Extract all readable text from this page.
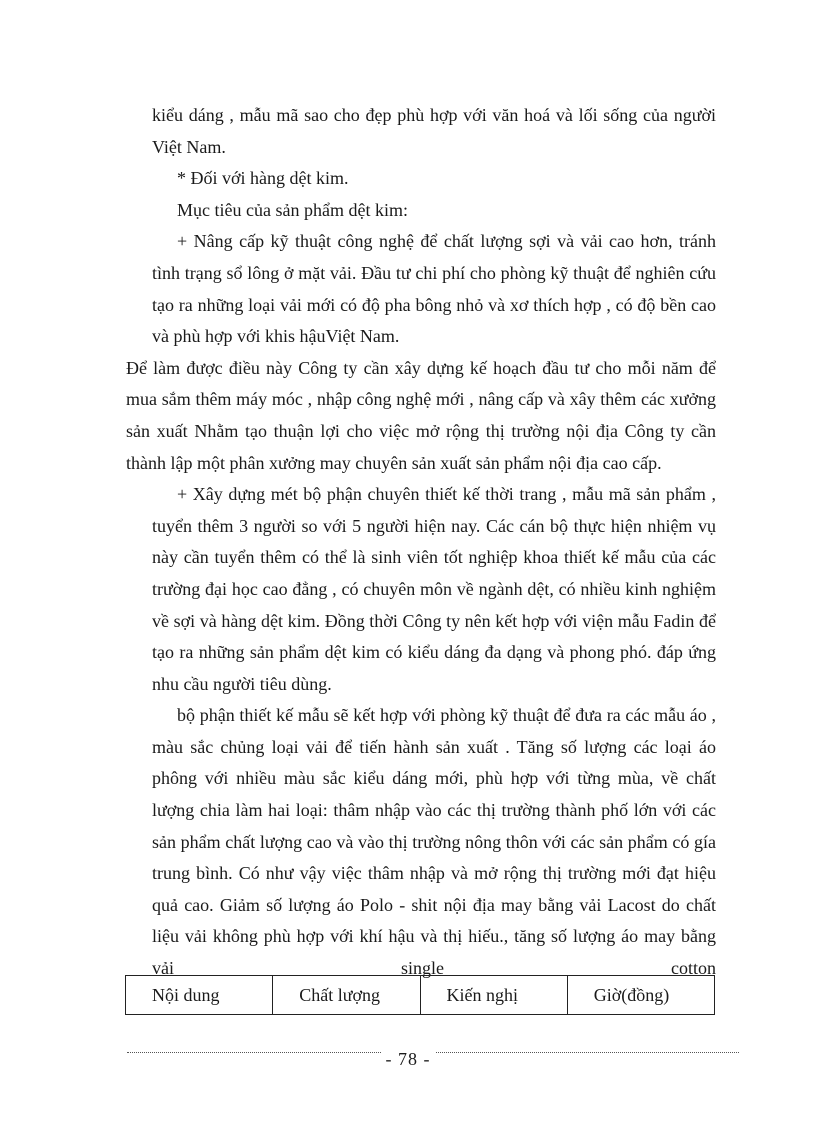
kiểu dáng , mẫu mã sao cho đẹp phù hợp với văn hoá và lối sống của người Việt Nam.

* Đối với hàng dệt kim.

Mục tiêu của sản phẩm dệt kim:

+ Nâng cấp kỹ thuật công nghệ để chất lượng sợi và vải cao hơn, tránh tình trạng sổ lông ở mặt vải. Đầu tư chi phí cho phòng kỹ thuật để nghiên cứu tạo ra những loại vải mới có độ pha bông nhỏ và xơ thích hợp , có độ bền cao và phù hợp với khis hậuViệt Nam.

Để làm được điều này Công ty cần xây dựng kế hoạch đầu tư cho mỗi năm để mua sắm thêm máy móc , nhập công nghệ mới , nâng cấp và xây thêm các xưởng sản xuất Nhằm tạo thuận lợi cho việc mở rộng thị trường nội địa Công ty cần thành lập một phân xưởng may chuyên sản xuất sản phẩm nội địa cao cấp.

+ Xây dựng mét bộ phận chuyên thiết kế thời trang , mẫu mã sản phẩm , tuyển thêm 3 người so với 5 người hiện nay. Các cán bộ thực hiện nhiệm vụ này cần tuyển thêm có thể là sinh viên tốt nghiệp khoa thiết kế mẫu của các trường đại học cao đẳng , có chuyên môn về ngành dệt, có nhiều kinh nghiệm về sợi và hàng dệt kim. Đồng thời Công ty nên kết hợp với viện mẫu Fadin để tạo ra những sản phẩm dệt kim có kiểu dáng đa dạng và phong phó. đáp ứng nhu cầu người tiêu dùng.

bộ phận thiết kế mẫu sẽ kết hợp với phòng kỹ thuật để đưa ra các mẫu áo , màu sắc chủng loại vải để tiến hành sản xuất . Tăng số lượng các loại áo phông với nhiều màu sắc kiểu dáng mới, phù hợp với từng mùa, về chất lượng chia làm hai loại: thâm nhập vào các thị trường thành phố lớn với các sản phẩm chất lượng cao và vào thị trường nông thôn với các sản phẩm có gía trung bình. Có như vậy việc thâm nhập và mở rộng thị trường mới đạt hiệu quả cao. Giảm số lượng áo Polo - shit nội địa may bằng vải Lacost do chất liệu vải không phù hợp với khí hậu và thị hiếu., tăng số lượng áo may bằng vải single cotton

Nội dung	Chất lượng	Kiến nghị	Giờ(đồng)
- 78 -
